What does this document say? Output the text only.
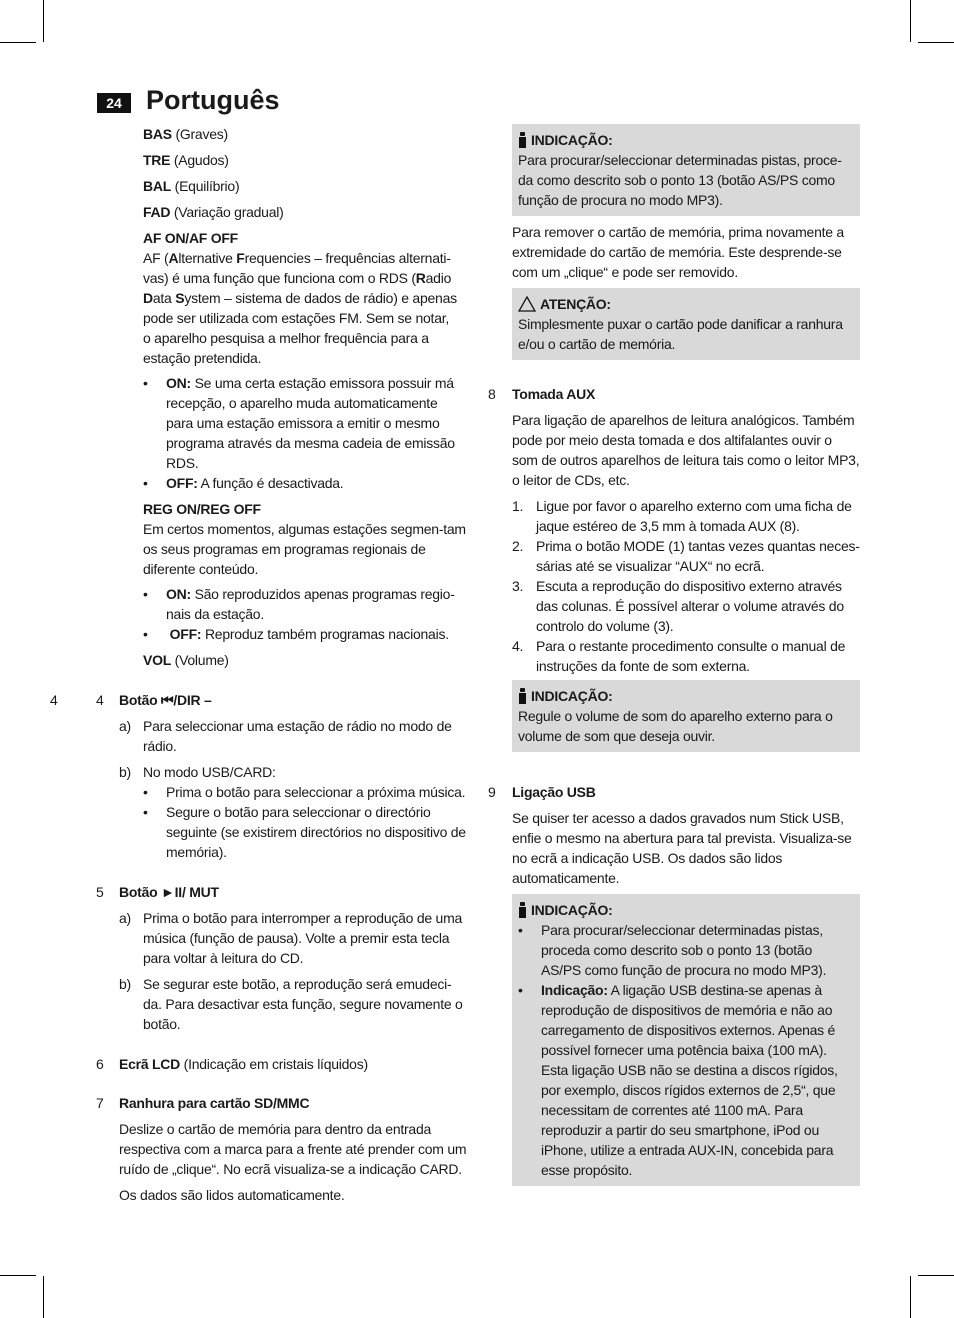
24 Português

BAS (Graves)

TRE (Agudos)

BAL (Equilíbrio)

FAD (Variação gradual)

AF ON/AF OFF

AF (Alternative Frequencies – frequências alternati-
vas) é uma função que funciona com o RDS (Radio
Data System – sistema de dados de rádio) e apenas
pode ser utilizada com estações FM. Sem se notar,
o aparelho pesquisa a melhor frequência para a
estação pretendida.

• ON: Se uma certa estação emissora possuir má recepção, o aparelho muda automaticamente para uma estação emissora a emitir o mesmo programa através da mesma cadeia de emissão RDS.
• OFF: A função é desactivada.

REG ON/REG OFF

Em certos momentos, algumas estações segmen-tam os seus programas em programas regionais de diferente conteúdo.

• ON: São reproduzidos apenas programas regio-nais da estação.
• OFF: Reproduz também programas nacionais.

VOL (Volume)

4	4 Botão ⏮/DIR –

a) Para seleccionar uma estação de rádio no modo de rádio.
b) No modo USB/CARD:
• Prima o botão para seleccionar a próxima música.
• Segure o botão para seleccionar o directório seguinte (se existirem directórios no dispositivo de memória).
5 Botão ►II/ MUT

a) Prima o botão para interromper a reprodução de uma música (função de pausa). Volte a premir esta tecla para voltar à leitura do CD.
b) Se segurar este botão, a reprodução será emudeci-da. Para desactivar esta função, segure novamente o botão.
6 Ecrã LCD (Indicação em cristais líquidos)

7 Ranhura para cartão SD/MMC

Deslize o cartão de memória para dentro da entrada respectiva com a marca para a frente até prender com um ruído de „clique“. No ecrã visualiza-se a indicação CARD.

Os dados são lidos automaticamente.

INDICAÇÃO:

Para procurar/seleccionar determinadas pistas, proce-da como descrito sob o ponto 13 (botão AS/PS como função de procura no modo MP3).

Para remover o cartão de memória, prima novamente a extremidade do cartão de memória. Este desprende-se com um „clique“ e pode ser removido.

ATENÇÃO:

Simplesmente puxar o cartão pode danificar a ranhura e/ou o cartão de memória.

8 Tomada AUX

Para ligação de aparelhos de leitura analógicos. Também pode por meio desta tomada e dos altifalantes ouvir o som de outros aparelhos de leitura tais como o leitor MP3, o leitor de CDs, etc.

1. Ligue por favor o aparelho externo com uma ficha de jaque estéreo de 3,5 mm à tomada AUX (8).
2. Prima o botão MODE (1) tantas vezes quantas neces-sárias até se visualizar “AUX“ no ecrã.
3. Escuta a reprodução do dispositivo externo através das colunas. É possível alterar o volume através do controlo do volume (3).
4. Para o restante procedimento consulte o manual de instruções da fonte de som externa.
INDICAÇÃO:

Regule o volume de som do aparelho externo para o volume de som que deseja ouvir.

9 Ligação USB

Se quiser ter acesso a dados gravados num Stick USB, enfie o mesmo na abertura para tal prevista. Visualiza-se no ecrã a indicação USB. Os dados são lidos automaticamente.

INDICAÇÃO:
• Para procurar/seleccionar determinadas pistas, proceda como descrito sob o ponto 13 (botão AS/PS como função de procura no modo MP3).
• Indicação: A ligação USB destina-se apenas à reprodução de dispositivos de memória e não ao carregamento de dispositivos externos. Apenas é possível fornecer uma potência baixa (100 mA). Esta ligação USB não se destina a discos rígidos, por exemplo, discos rígidos externos de 2,5“, que necessitam de correntes até 1100 mA. Para reproduzir a partir do seu smartphone, iPod ou iPhone, utilize a entrada AUX-IN, concebida para esse propósito.
